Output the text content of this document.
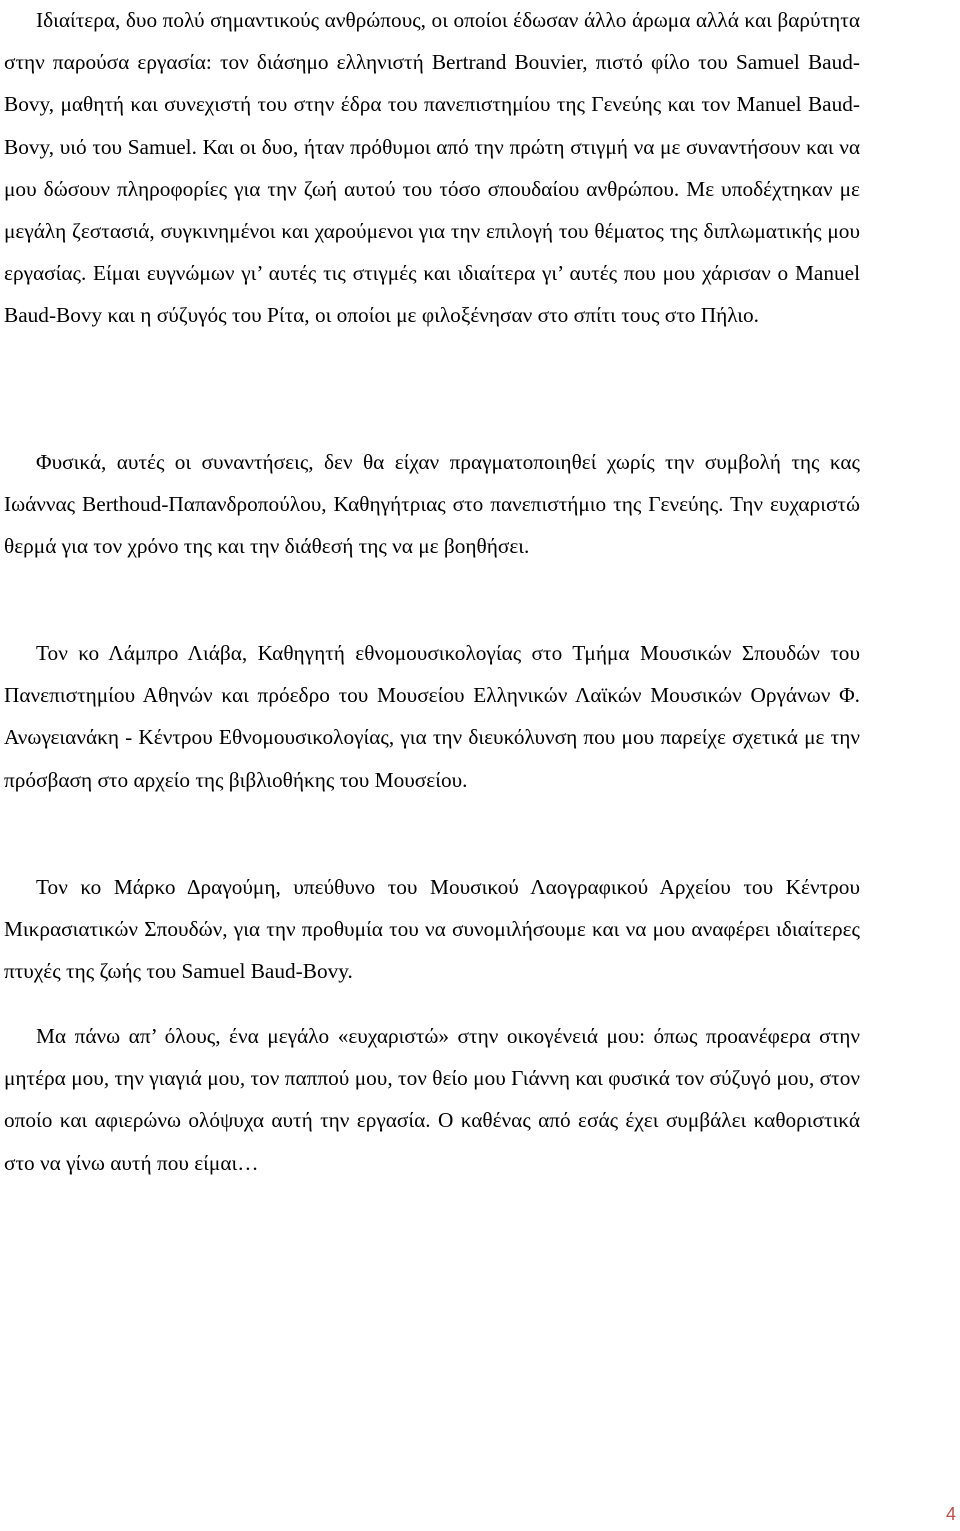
Ιδιαίτερα, δυο πολύ σημαντικούς ανθρώπους, οι οποίοι έδωσαν άλλο άρωμα αλλά και βαρύτητα στην παρούσα εργασία: τον διάσημο ελληνιστή Bertrand Bouvier, πιστό φίλο του Samuel Baud-Bovy, μαθητή και συνεχιστή του στην έδρα του πανεπιστημίου της Γενεύης και τον Manuel Baud-Bovy, υιό του Samuel. Και οι δυο, ήταν πρόθυμοι από την πρώτη στιγμή να με συναντήσουν και να μου δώσουν πληροφορίες για την ζωή αυτού του τόσο σπουδαίου ανθρώπου. Με υποδέχτηκαν με μεγάλη ζεστασιά, συγκινημένοι και χαρούμενοι για την επιλογή του θέματος της διπλωματικής μου εργασίας. Είμαι ευγνώμων γι’ αυτές τις στιγμές και ιδιαίτερα γι’ αυτές που μου χάρισαν ο Manuel Baud-Bovy και η σύζυγός του Ρίτα, οι οποίοι με φιλοξένησαν στο σπίτι τους στο Πήλιο.

Φυσικά, αυτές οι συναντήσεις, δεν θα είχαν πραγματοποιηθεί χωρίς την συμβολή της κας Ιωάννας Berthoud-Παπανδροπούλου, Καθηγήτριας στο πανεπιστήμιο της Γενεύης. Την ευχαριστώ θερμά για τον χρόνο της και την διάθεσή της να με βοηθήσει.

Τον κο Λάμπρο Λιάβα, Καθηγητή εθνομουσικολογίας στο Τμήμα Μουσικών Σπουδών του Πανεπιστημίου Αθηνών και πρόεδρο του Μουσείου Ελληνικών Λαϊκών Μουσικών Οργάνων Φ. Ανωγειανάκη - Κέντρου Εθνομουσικολογίας, για την διευκόλυνση που μου παρείχε σχετικά με την πρόσβαση στο αρχείο της βιβλιοθήκης του Μουσείου.

Τον κο Μάρκο Δραγούμη, υπεύθυνο του Μουσικού Λαογραφικού Αρχείου του Κέντρου Μικρασιατικών Σπουδών, για την προθυμία του να συνομιλήσουμε και να μου αναφέρει ιδιαίτερες πτυχές της ζωής του Samuel Baud-Bovy.

Μα πάνω απ’ όλους, ένα μεγάλο «ευχαριστώ» στην οικογένειά μου: όπως προανέφερα στην μητέρα μου, την γιαγιά μου, τον παππού μου, τον θείο μου Γιάννη και φυσικά τον σύζυγό μου, στον οποίο και αφιερώνω ολόψυχα αυτή την εργασία. Ο καθένας από εσάς έχει συμβάλει καθοριστικά στο να γίνω αυτή που είμαι…

4
